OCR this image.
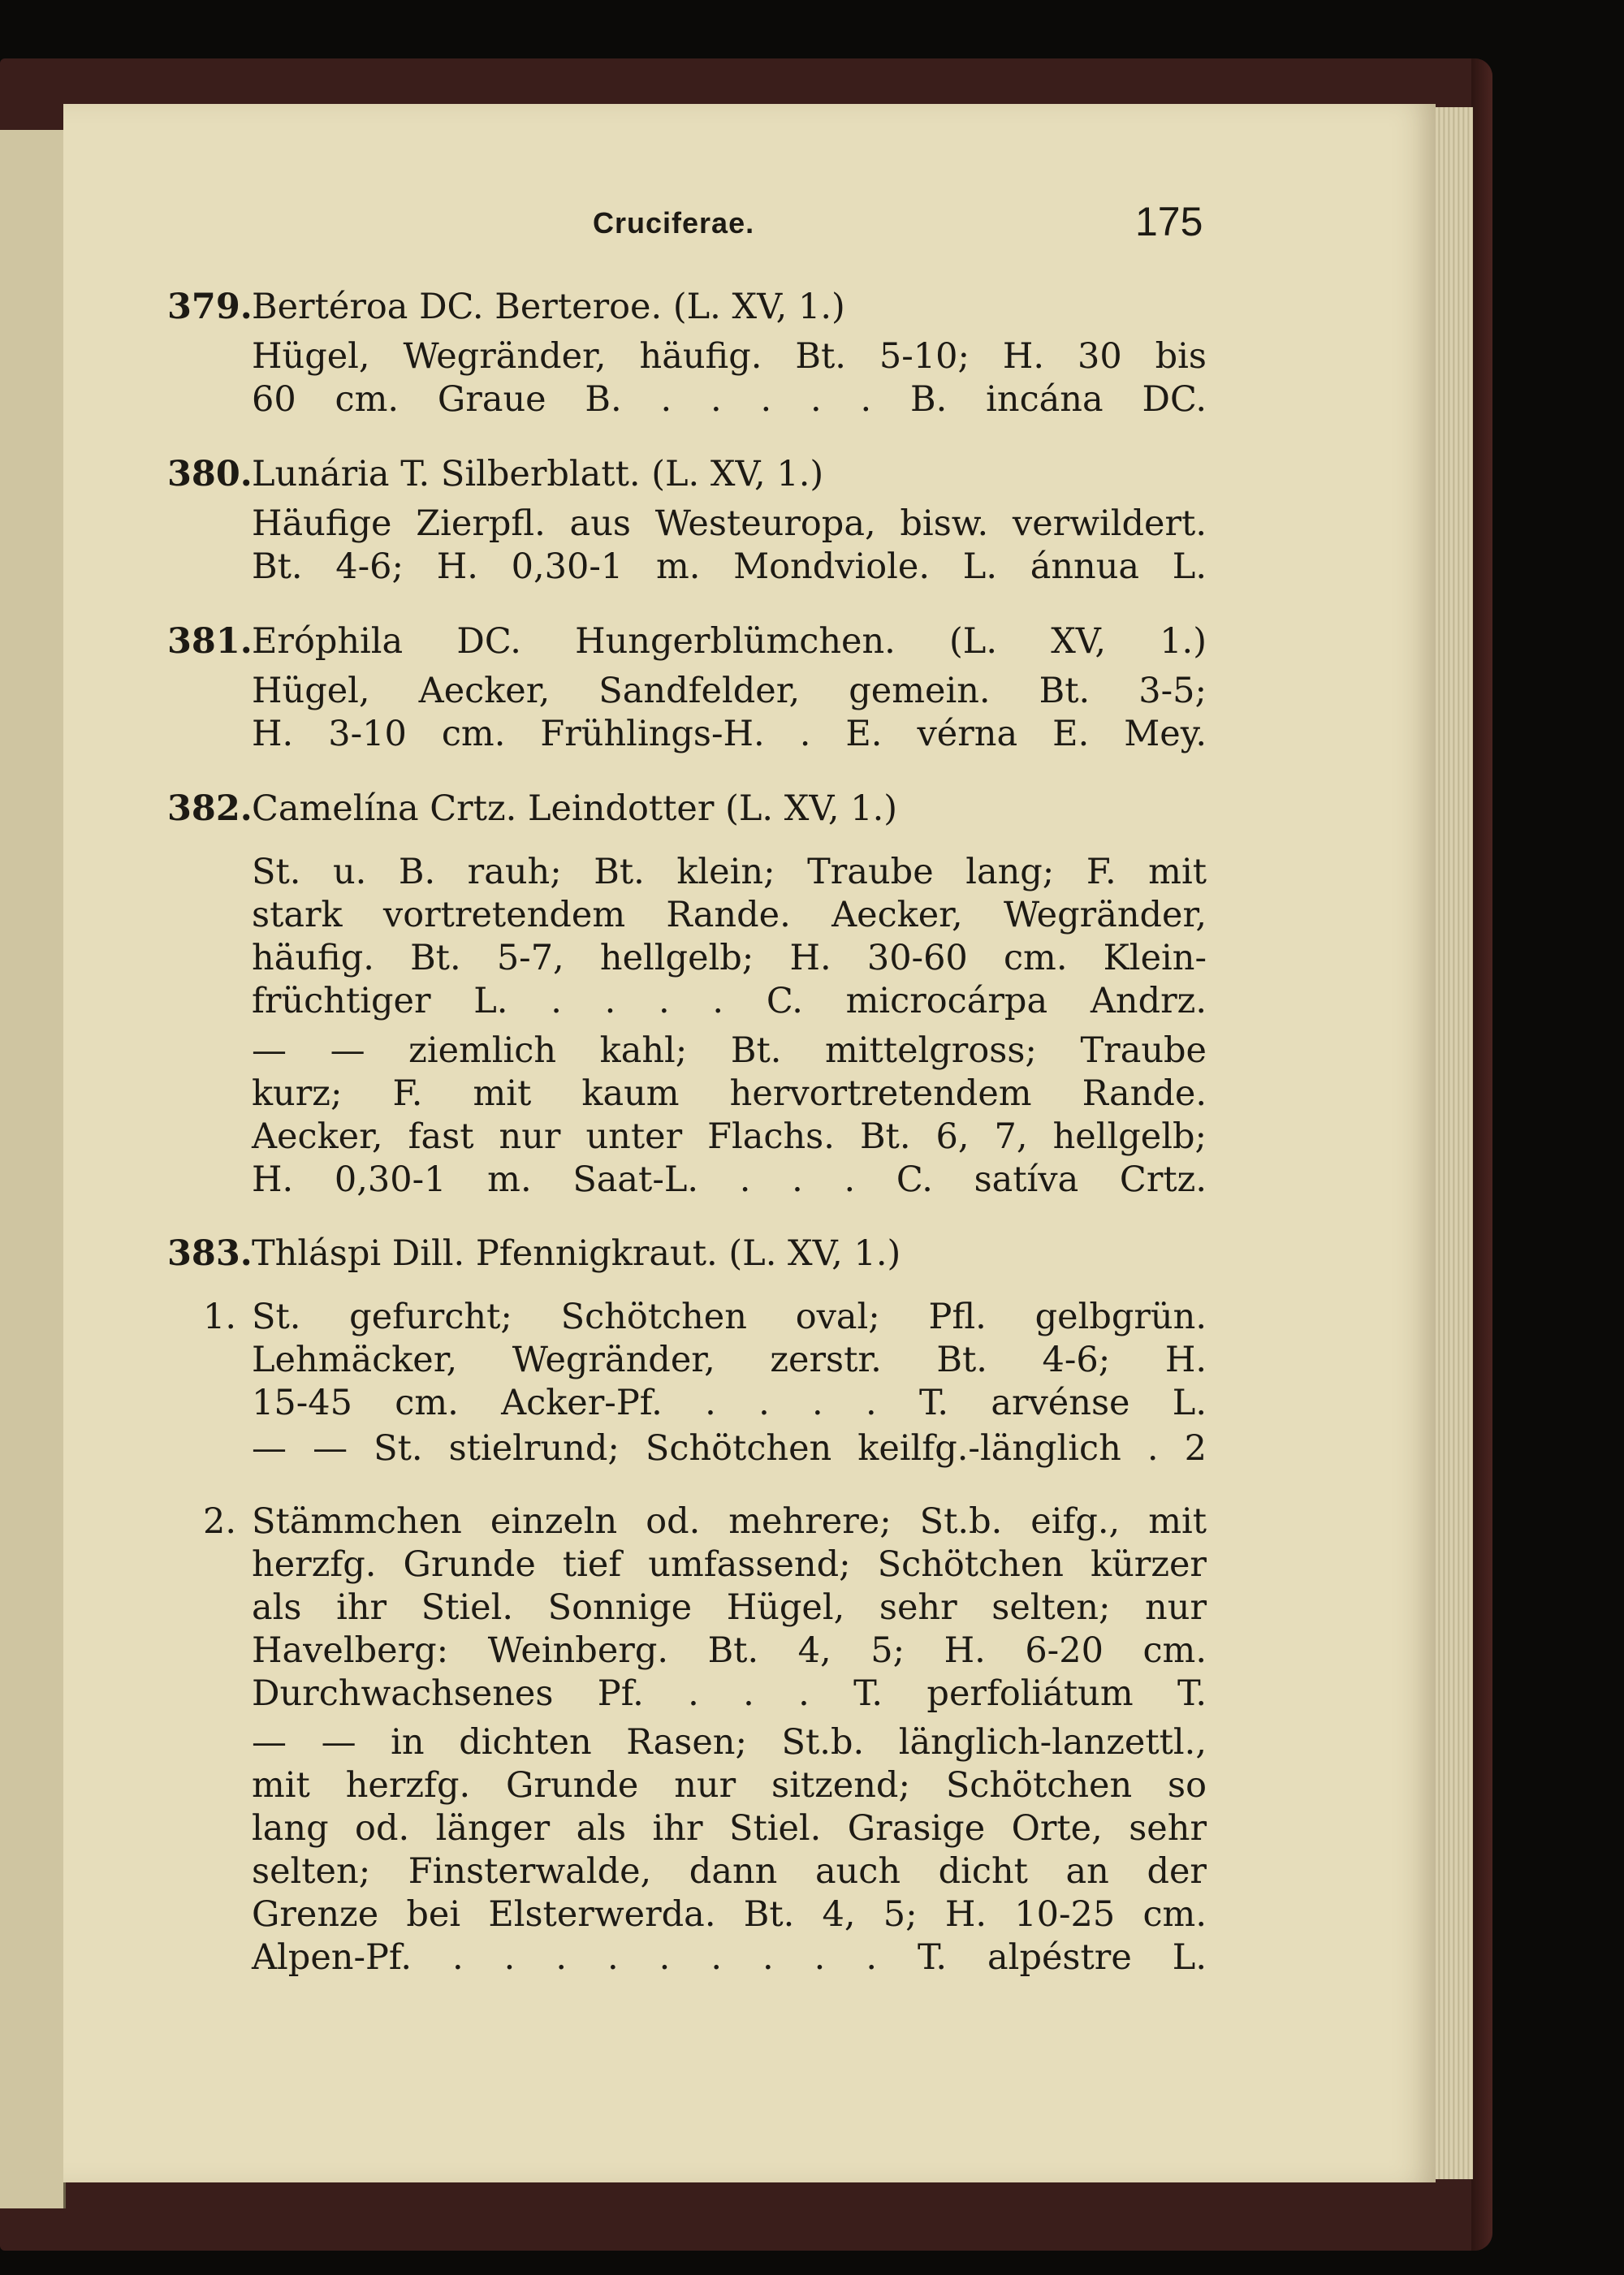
Cruciferae.	175
379. Bertéroa DC. Berteroe. (L. XV, 1.)
Hügel, Wegränder, häufig. Bt. 5-10; H. 30 bis
60 cm. Graue B. . . . . . B. incána DC.
380. Lunária T. Silberblatt. (L. XV, 1.)
Häufige Zierpfl. aus Westeuropa, bisw. verwildert.
Bt. 4-6; H. 0,30-1 m. Mondviole. L. ánnua L.
381. Eróphila DC. Hungerblümchen. (L. XV, 1.)
Hügel, Aecker, Sandfelder, gemein. Bt. 3-5;
H. 3-10 cm. Frühlings-H. . E. vérna E. Mey.
382. Camelína Crtz. Leindotter (L. XV, 1.)
St. u. B. rauh; Bt. klein; Traube lang; F. mit
stark vortretendem Rande. Aecker, Wegränder,
häufig. Bt. 5-7, hellgelb; H. 30-60 cm. Klein-
früchtiger L. . . . . C. microcárpa Andrz.
— — ziemlich kahl; Bt. mittelgross; Traube
kurz; F. mit kaum hervortretendem Rande.
Aecker, fast nur unter Flachs. Bt. 6, 7, hellgelb;
H. 0,30-1 m. Saat-L. . . . C. satíva Crtz.
383. Thláspi Dill. Pfennigkraut. (L. XV, 1.)
1. St. gefurcht; Schötchen oval; Pfl. gelbgrün.
Lehmäcker, Wegränder, zerstr. Bt. 4-6; H.
15-45 cm. Acker-Pf. . . . . T. arvénse L.
— — St. stielrund; Schötchen keilfg.-länglich . 2
2. Stämmchen einzeln od. mehrere; St.b. eifg., mit
herzfg. Grunde tief umfassend; Schötchen kürzer
als ihr Stiel. Sonnige Hügel, sehr selten; nur
Havelberg: Weinberg. Bt. 4, 5; H. 6-20 cm.
Durchwachsenes Pf. . . . T. perfoliátum T.
— — in dichten Rasen; St.b. länglich-lanzettl.,
mit herzfg. Grunde nur sitzend; Schötchen so
lang od. länger als ihr Stiel. Grasige Orte, sehr
selten; Finsterwalde, dann auch dicht an der
Grenze bei Elsterwerda. Bt. 4, 5; H. 10-25 cm.
Alpen-Pf. . . . . . . . . . T. alpéstre L.
